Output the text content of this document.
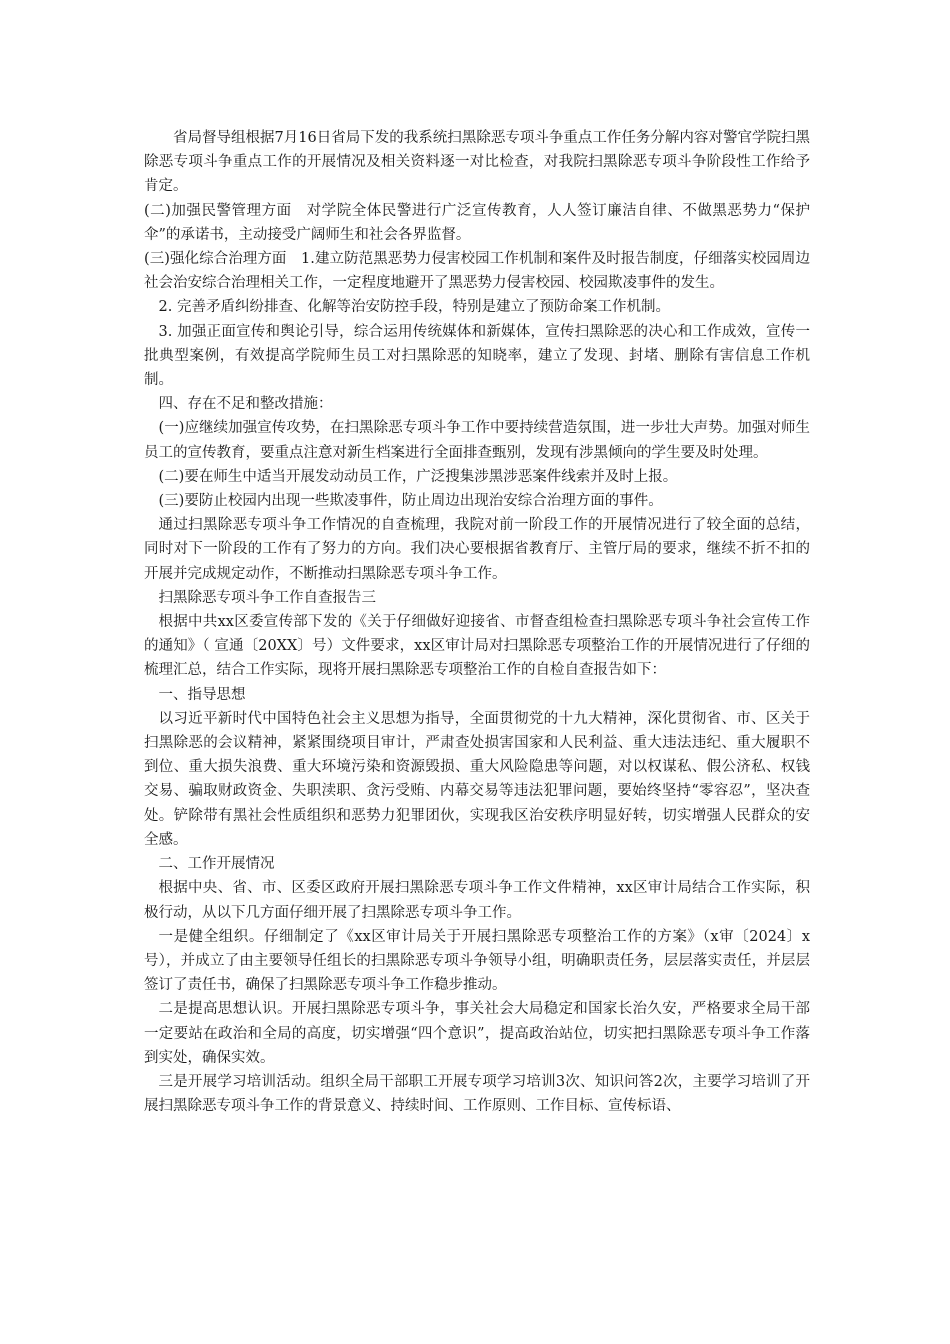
省局督导组根据7月16日省局下发的我系统扫黑除恶专项斗争重点工作任务分解内容对警官学院扫黑除恶专项斗争重点工作的开展情况及相关资料逐一对比检查，对我院扫黑除恶专项斗争阶段性工作给予肯定。

(二)加强民警管理方面　对学院全体民警进行广泛宣传教育，人人签订廉洁自律、不做黑恶势力“保护伞”的承诺书，主动接受广阔师生和社会各界监督。

(三)强化综合治理方面　1.建立防范黑恶势力侵害校园工作机制和案件及时报告制度，仔细落实校园周边社会治安综合治理相关工作，一定程度地避开了黑恶势力侵害校园、校园欺凌事件的发生。

2. 完善矛盾纠纷排查、化解等治安防控手段，特别是建立了预防命案工作机制。

3. 加强正面宣传和舆论引导，综合运用传统媒体和新媒体，宣传扫黑除恶的决心和工作成效，宣传一批典型案例，有效提高学院师生员工对扫黑除恶的知晓率，建立了发现、封堵、删除有害信息工作机制。

四、存在不足和整改措施：

(一)应继续加强宣传攻势，在扫黑除恶专项斗争工作中要持续营造氛围，进一步壮大声势。加强对师生员工的宣传教育，要重点注意对新生档案进行全面排查甄别，发现有涉黑倾向的学生要及时处理。

(二)要在师生中适当开展发动动员工作，广泛搜集涉黑涉恶案件线索并及时上报。

(三)要防止校园内出现一些欺凌事件，防止周边出现治安综合治理方面的事件。

通过扫黑除恶专项斗争工作情况的自查梳理，我院对前一阶段工作的开展情况进行了较全面的总结，同时对下一阶段的工作有了努力的方向。我们决心要根据省教育厅、主管厅局的要求，继续不折不扣的开展并完成规定动作，不断推动扫黑除恶专项斗争工作。

扫黑除恶专项斗争工作自查报告三

根据中共xx区委宣传部下发的《关于仔细做好迎接省、市督查组检查扫黑除恶专项斗争社会宣传工作的通知》（ 宣通〔20XX〕号）文件要求，xx区审计局对扫黑除恶专项整治工作的开展情况进行了仔细的梳理汇总，结合工作实际，现将开展扫黑除恶专项整治工作的自检自查报告如下：

一、指导思想

以习近平新时代中国特色社会主义思想为指导，全面贯彻党的十九大精神，深化贯彻省、市、区关于扫黑除恶的会议精神，紧紧围绕项目审计，严肃查处损害国家和人民利益、重大违法违纪、重大履职不到位、重大损失浪费、重大环境污染和资源毁损、重大风险隐患等问题，对以权谋私、假公济私、权钱交易、骗取财政资金、失职渎职、贪污受贿、内幕交易等违法犯罪问题，要始终坚持“零容忍”，坚决查处。铲除带有黑社会性质组织和恶势力犯罪团伙，实现我区治安秩序明显好转，切实增强人民群众的安全感。

二、工作开展情况

根据中央、省、市、区委区政府开展扫黑除恶专项斗争工作文件精神，xx区审计局结合工作实际，积极行动，从以下几方面仔细开展了扫黑除恶专项斗争工作。

一是健全组织。仔细制定了《xx区审计局关于开展扫黑除恶专项整治工作的方案》（x审〔2024〕x号），并成立了由主要领导任组长的扫黑除恶专项斗争领导小组，明确职责任务，层层落实责任，并层层签订了责任书，确保了扫黑除恶专项斗争工作稳步推动。

二是提高思想认识。开展扫黑除恶专项斗争，事关社会大局稳定和国家长治久安，严格要求全局干部一定要站在政治和全局的高度，切实增强“四个意识”，提高政治站位，切实把扫黑除恶专项斗争工作落到实处，确保实效。

三是开展学习培训活动。组织全局干部职工开展专项学习培训3次、知识问答2次，主要学习培训了开展扫黑除恶专项斗争工作的背景意义、持续时间、工作原则、工作目标、宣传标语、
